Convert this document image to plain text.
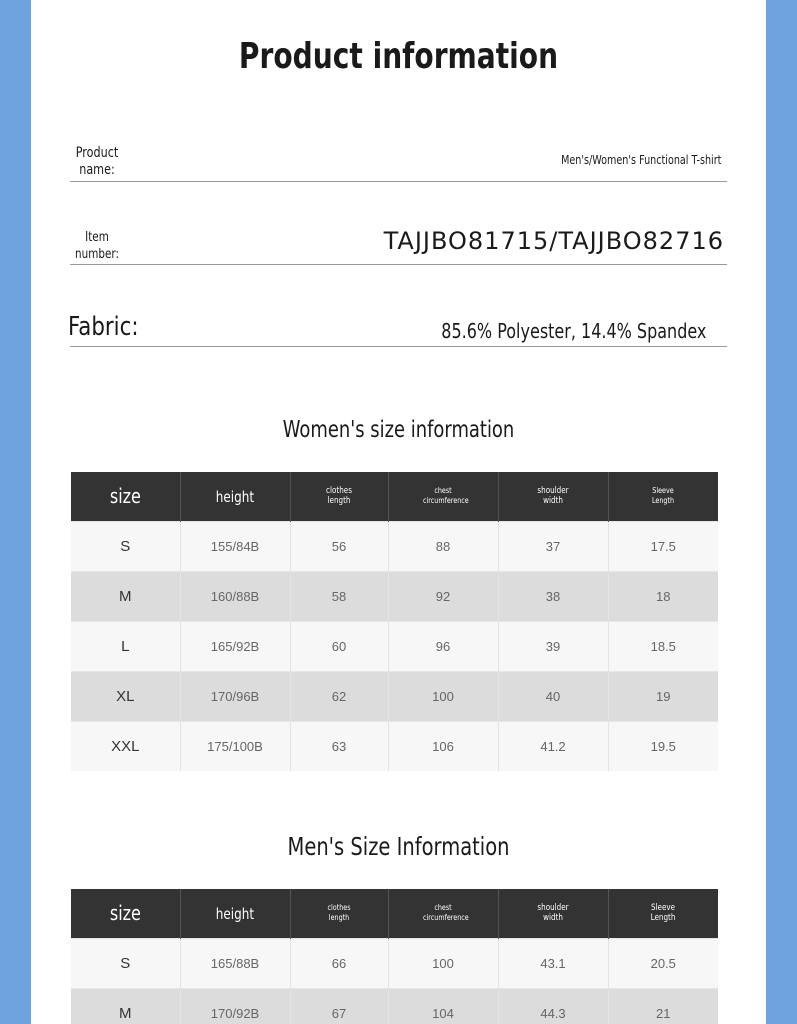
Product information
Product name:
Men's/Women's Functional T-shirt
Item number:	TAJJBO81715/TAJJBO82716
Fabric:	85.6% Polyester, 14.4% Spandex
Women's size information
size	height	clothes length	chest circumference	shoulder width	Sleeve Length
S	155/84B	56	88	37	17.5
M	160/88B	58	92	38	18
L	165/92B	60	96	39	18.5
XL	170/96B	62	100	40	19
XXL	175/100B	63	106	41.2	19.5
Men's Size Information
size	height	clothes length	chest circumference	shoulder width	Sleeve Length
S	165/88B	66	100	43.1	20.5
M	170/92B	67	104	44.3	21
